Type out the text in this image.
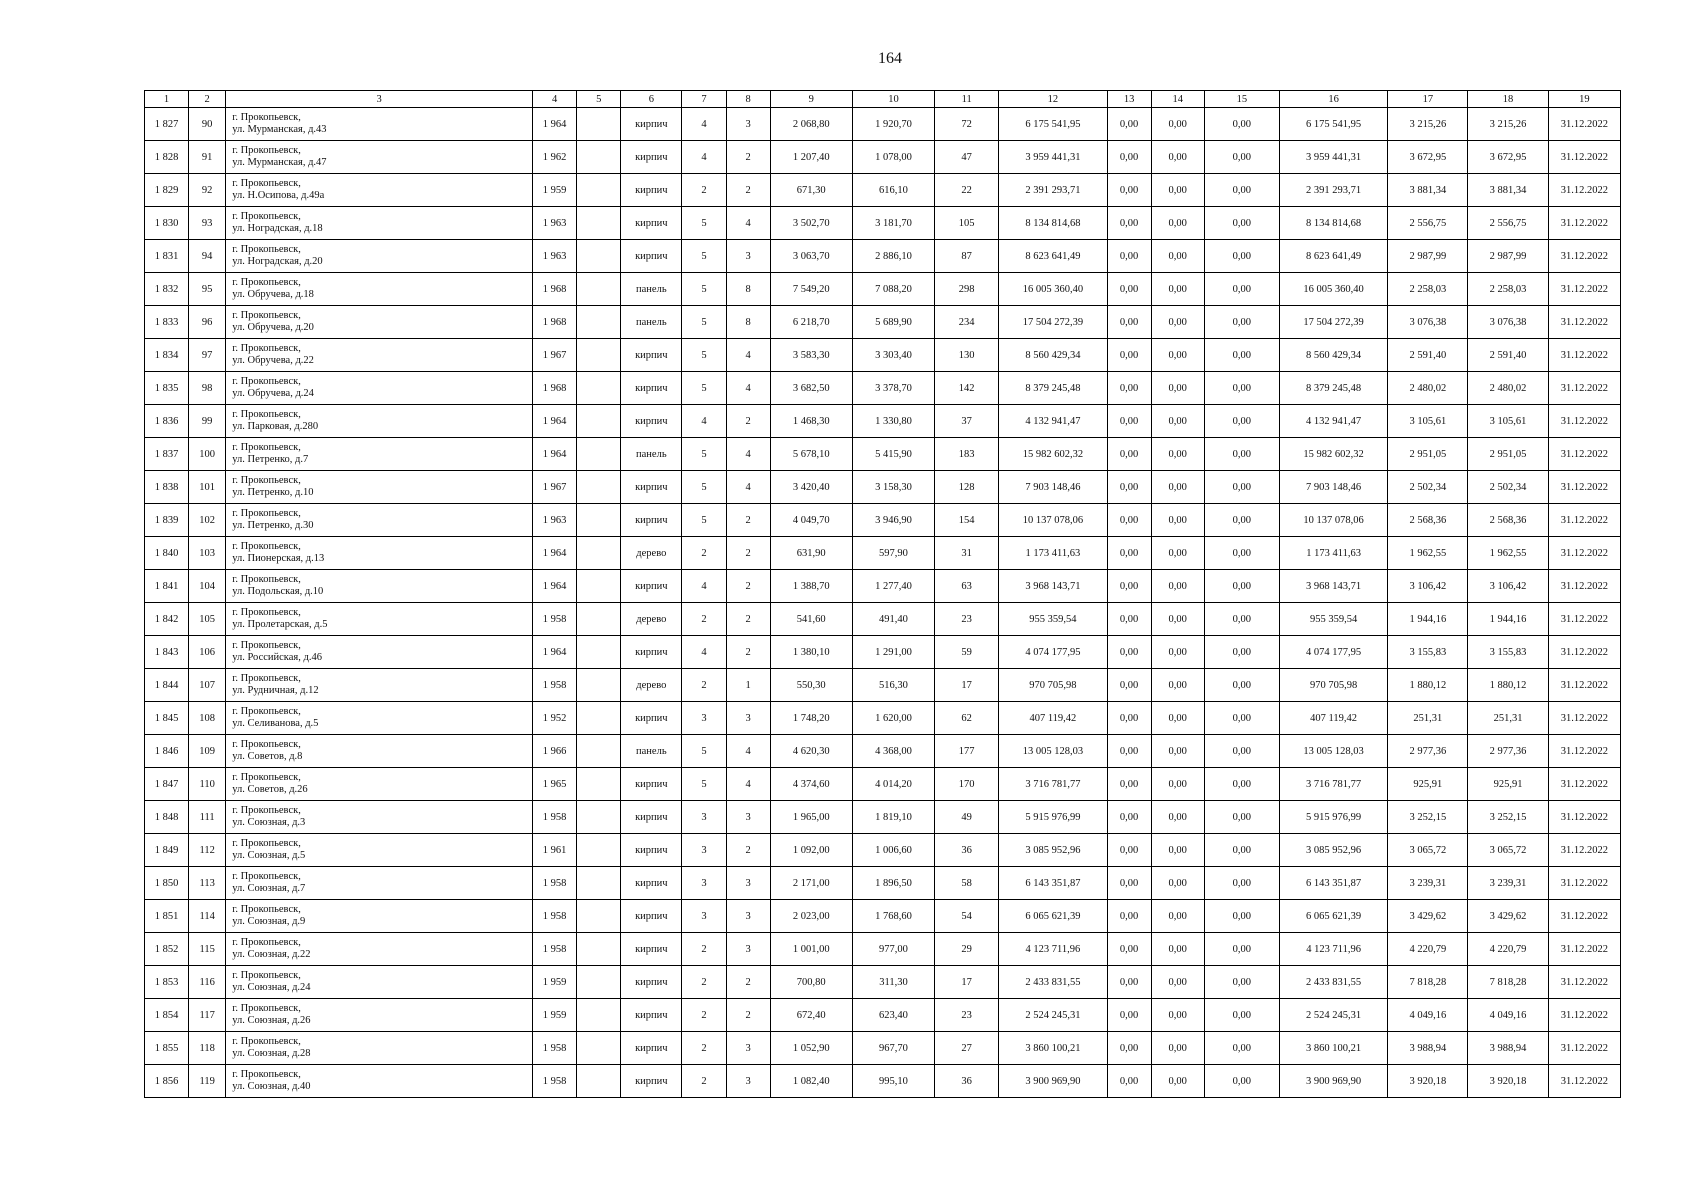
164
1	2	3	4	5	6	7	8	9	10	11	12	13	14	15	16	17	18	19
1 827	90	г. Прокопьевск,
ул. Мурманская, д.43	1 964		кирпич	4	3	2 068,80	1 920,70	72	6 175 541,95	0,00	0,00	0,00	6 175 541,95	3 215,26	3 215,26	31.12.2022
1 828	91	г. Прокопьевск,
ул. Мурманская, д.47	1 962		кирпич	4	2	1 207,40	1 078,00	47	3 959 441,31	0,00	0,00	0,00	3 959 441,31	3 672,95	3 672,95	31.12.2022
1 829	92	г. Прокопьевск,
ул. Н.Осипова, д.49а	1 959		кирпич	2	2	671,30	616,10	22	2 391 293,71	0,00	0,00	0,00	2 391 293,71	3 881,34	3 881,34	31.12.2022
1 830	93	г. Прокопьевск,
ул. Ноградская, д.18	1 963		кирпич	5	4	3 502,70	3 181,70	105	8 134 814,68	0,00	0,00	0,00	8 134 814,68	2 556,75	2 556,75	31.12.2022
1 831	94	г. Прокопьевск,
ул. Ноградская, д.20	1 963		кирпич	5	3	3 063,70	2 886,10	87	8 623 641,49	0,00	0,00	0,00	8 623 641,49	2 987,99	2 987,99	31.12.2022
1 832	95	г. Прокопьевск,
ул. Обручева, д.18	1 968		панель	5	8	7 549,20	7 088,20	298	16 005 360,40	0,00	0,00	0,00	16 005 360,40	2 258,03	2 258,03	31.12.2022
1 833	96	г. Прокопьевск,
ул. Обручева, д.20	1 968		панель	5	8	6 218,70	5 689,90	234	17 504 272,39	0,00	0,00	0,00	17 504 272,39	3 076,38	3 076,38	31.12.2022
1 834	97	г. Прокопьевск,
ул. Обручева, д.22	1 967		кирпич	5	4	3 583,30	3 303,40	130	8 560 429,34	0,00	0,00	0,00	8 560 429,34	2 591,40	2 591,40	31.12.2022
1 835	98	г. Прокопьевск,
ул. Обручева, д.24	1 968		кирпич	5	4	3 682,50	3 378,70	142	8 379 245,48	0,00	0,00	0,00	8 379 245,48	2 480,02	2 480,02	31.12.2022
1 836	99	г. Прокопьевск,
ул. Парковая, д.280	1 964		кирпич	4	2	1 468,30	1 330,80	37	4 132 941,47	0,00	0,00	0,00	4 132 941,47	3 105,61	3 105,61	31.12.2022
1 837	100	г. Прокопьевск,
ул. Петренко, д.7	1 964		панель	5	4	5 678,10	5 415,90	183	15 982 602,32	0,00	0,00	0,00	15 982 602,32	2 951,05	2 951,05	31.12.2022
1 838	101	г. Прокопьевск,
ул. Петренко, д.10	1 967		кирпич	5	4	3 420,40	3 158,30	128	7 903 148,46	0,00	0,00	0,00	7 903 148,46	2 502,34	2 502,34	31.12.2022
1 839	102	г. Прокопьевск,
ул. Петренко, д.30	1 963		кирпич	5	2	4 049,70	3 946,90	154	10 137 078,06	0,00	0,00	0,00	10 137 078,06	2 568,36	2 568,36	31.12.2022
1 840	103	г. Прокопьевск,
ул. Пионерская, д.13	1 964		дерево	2	2	631,90	597,90	31	1 173 411,63	0,00	0,00	0,00	1 173 411,63	1 962,55	1 962,55	31.12.2022
1 841	104	г. Прокопьевск,
ул. Подольская, д.10	1 964		кирпич	4	2	1 388,70	1 277,40	63	3 968 143,71	0,00	0,00	0,00	3 968 143,71	3 106,42	3 106,42	31.12.2022
1 842	105	г. Прокопьевск,
ул. Пролетарская, д.5	1 958		дерево	2	2	541,60	491,40	23	955 359,54	0,00	0,00	0,00	955 359,54	1 944,16	1 944,16	31.12.2022
1 843	106	г. Прокопьевск,
ул. Российская, д.46	1 964		кирпич	4	2	1 380,10	1 291,00	59	4 074 177,95	0,00	0,00	0,00	4 074 177,95	3 155,83	3 155,83	31.12.2022
1 844	107	г. Прокопьевск,
ул. Рудничная, д.12	1 958		дерево	2	1	550,30	516,30	17	970 705,98	0,00	0,00	0,00	970 705,98	1 880,12	1 880,12	31.12.2022
1 845	108	г. Прокопьевск,
ул. Селиванова, д.5	1 952		кирпич	3	3	1 748,20	1 620,00	62	407 119,42	0,00	0,00	0,00	407 119,42	251,31	251,31	31.12.2022
1 846	109	г. Прокопьевск,
ул. Советов, д.8	1 966		панель	5	4	4 620,30	4 368,00	177	13 005 128,03	0,00	0,00	0,00	13 005 128,03	2 977,36	2 977,36	31.12.2022
1 847	110	г. Прокопьевск,
ул. Советов, д.26	1 965		кирпич	5	4	4 374,60	4 014,20	170	3 716 781,77	0,00	0,00	0,00	3 716 781,77	925,91	925,91	31.12.2022
1 848	111	г. Прокопьевск,
ул. Союзная, д.3	1 958		кирпич	3	3	1 965,00	1 819,10	49	5 915 976,99	0,00	0,00	0,00	5 915 976,99	3 252,15	3 252,15	31.12.2022
1 849	112	г. Прокопьевск,
ул. Союзная, д.5	1 961		кирпич	3	2	1 092,00	1 006,60	36	3 085 952,96	0,00	0,00	0,00	3 085 952,96	3 065,72	3 065,72	31.12.2022
1 850	113	г. Прокопьевск,
ул. Союзная, д.7	1 958		кирпич	3	3	2 171,00	1 896,50	58	6 143 351,87	0,00	0,00	0,00	6 143 351,87	3 239,31	3 239,31	31.12.2022
1 851	114	г. Прокопьевск,
ул. Союзная, д.9	1 958		кирпич	3	3	2 023,00	1 768,60	54	6 065 621,39	0,00	0,00	0,00	6 065 621,39	3 429,62	3 429,62	31.12.2022
1 852	115	г. Прокопьевск,
ул. Союзная, д.22	1 958		кирпич	2	3	1 001,00	977,00	29	4 123 711,96	0,00	0,00	0,00	4 123 711,96	4 220,79	4 220,79	31.12.2022
1 853	116	г. Прокопьевск,
ул. Союзная, д.24	1 959		кирпич	2	2	700,80	311,30	17	2 433 831,55	0,00	0,00	0,00	2 433 831,55	7 818,28	7 818,28	31.12.2022
1 854	117	г. Прокопьевск,
ул. Союзная, д.26	1 959		кирпич	2	2	672,40	623,40	23	2 524 245,31	0,00	0,00	0,00	2 524 245,31	4 049,16	4 049,16	31.12.2022
1 855	118	г. Прокопьевск,
ул. Союзная, д.28	1 958		кирпич	2	3	1 052,90	967,70	27	3 860 100,21	0,00	0,00	0,00	3 860 100,21	3 988,94	3 988,94	31.12.2022
1 856	119	г. Прокопьевск,
ул. Союзная, д.40	1 958		кирпич	2	3	1 082,40	995,10	36	3 900 969,90	0,00	0,00	0,00	3 900 969,90	3 920,18	3 920,18	31.12.2022
